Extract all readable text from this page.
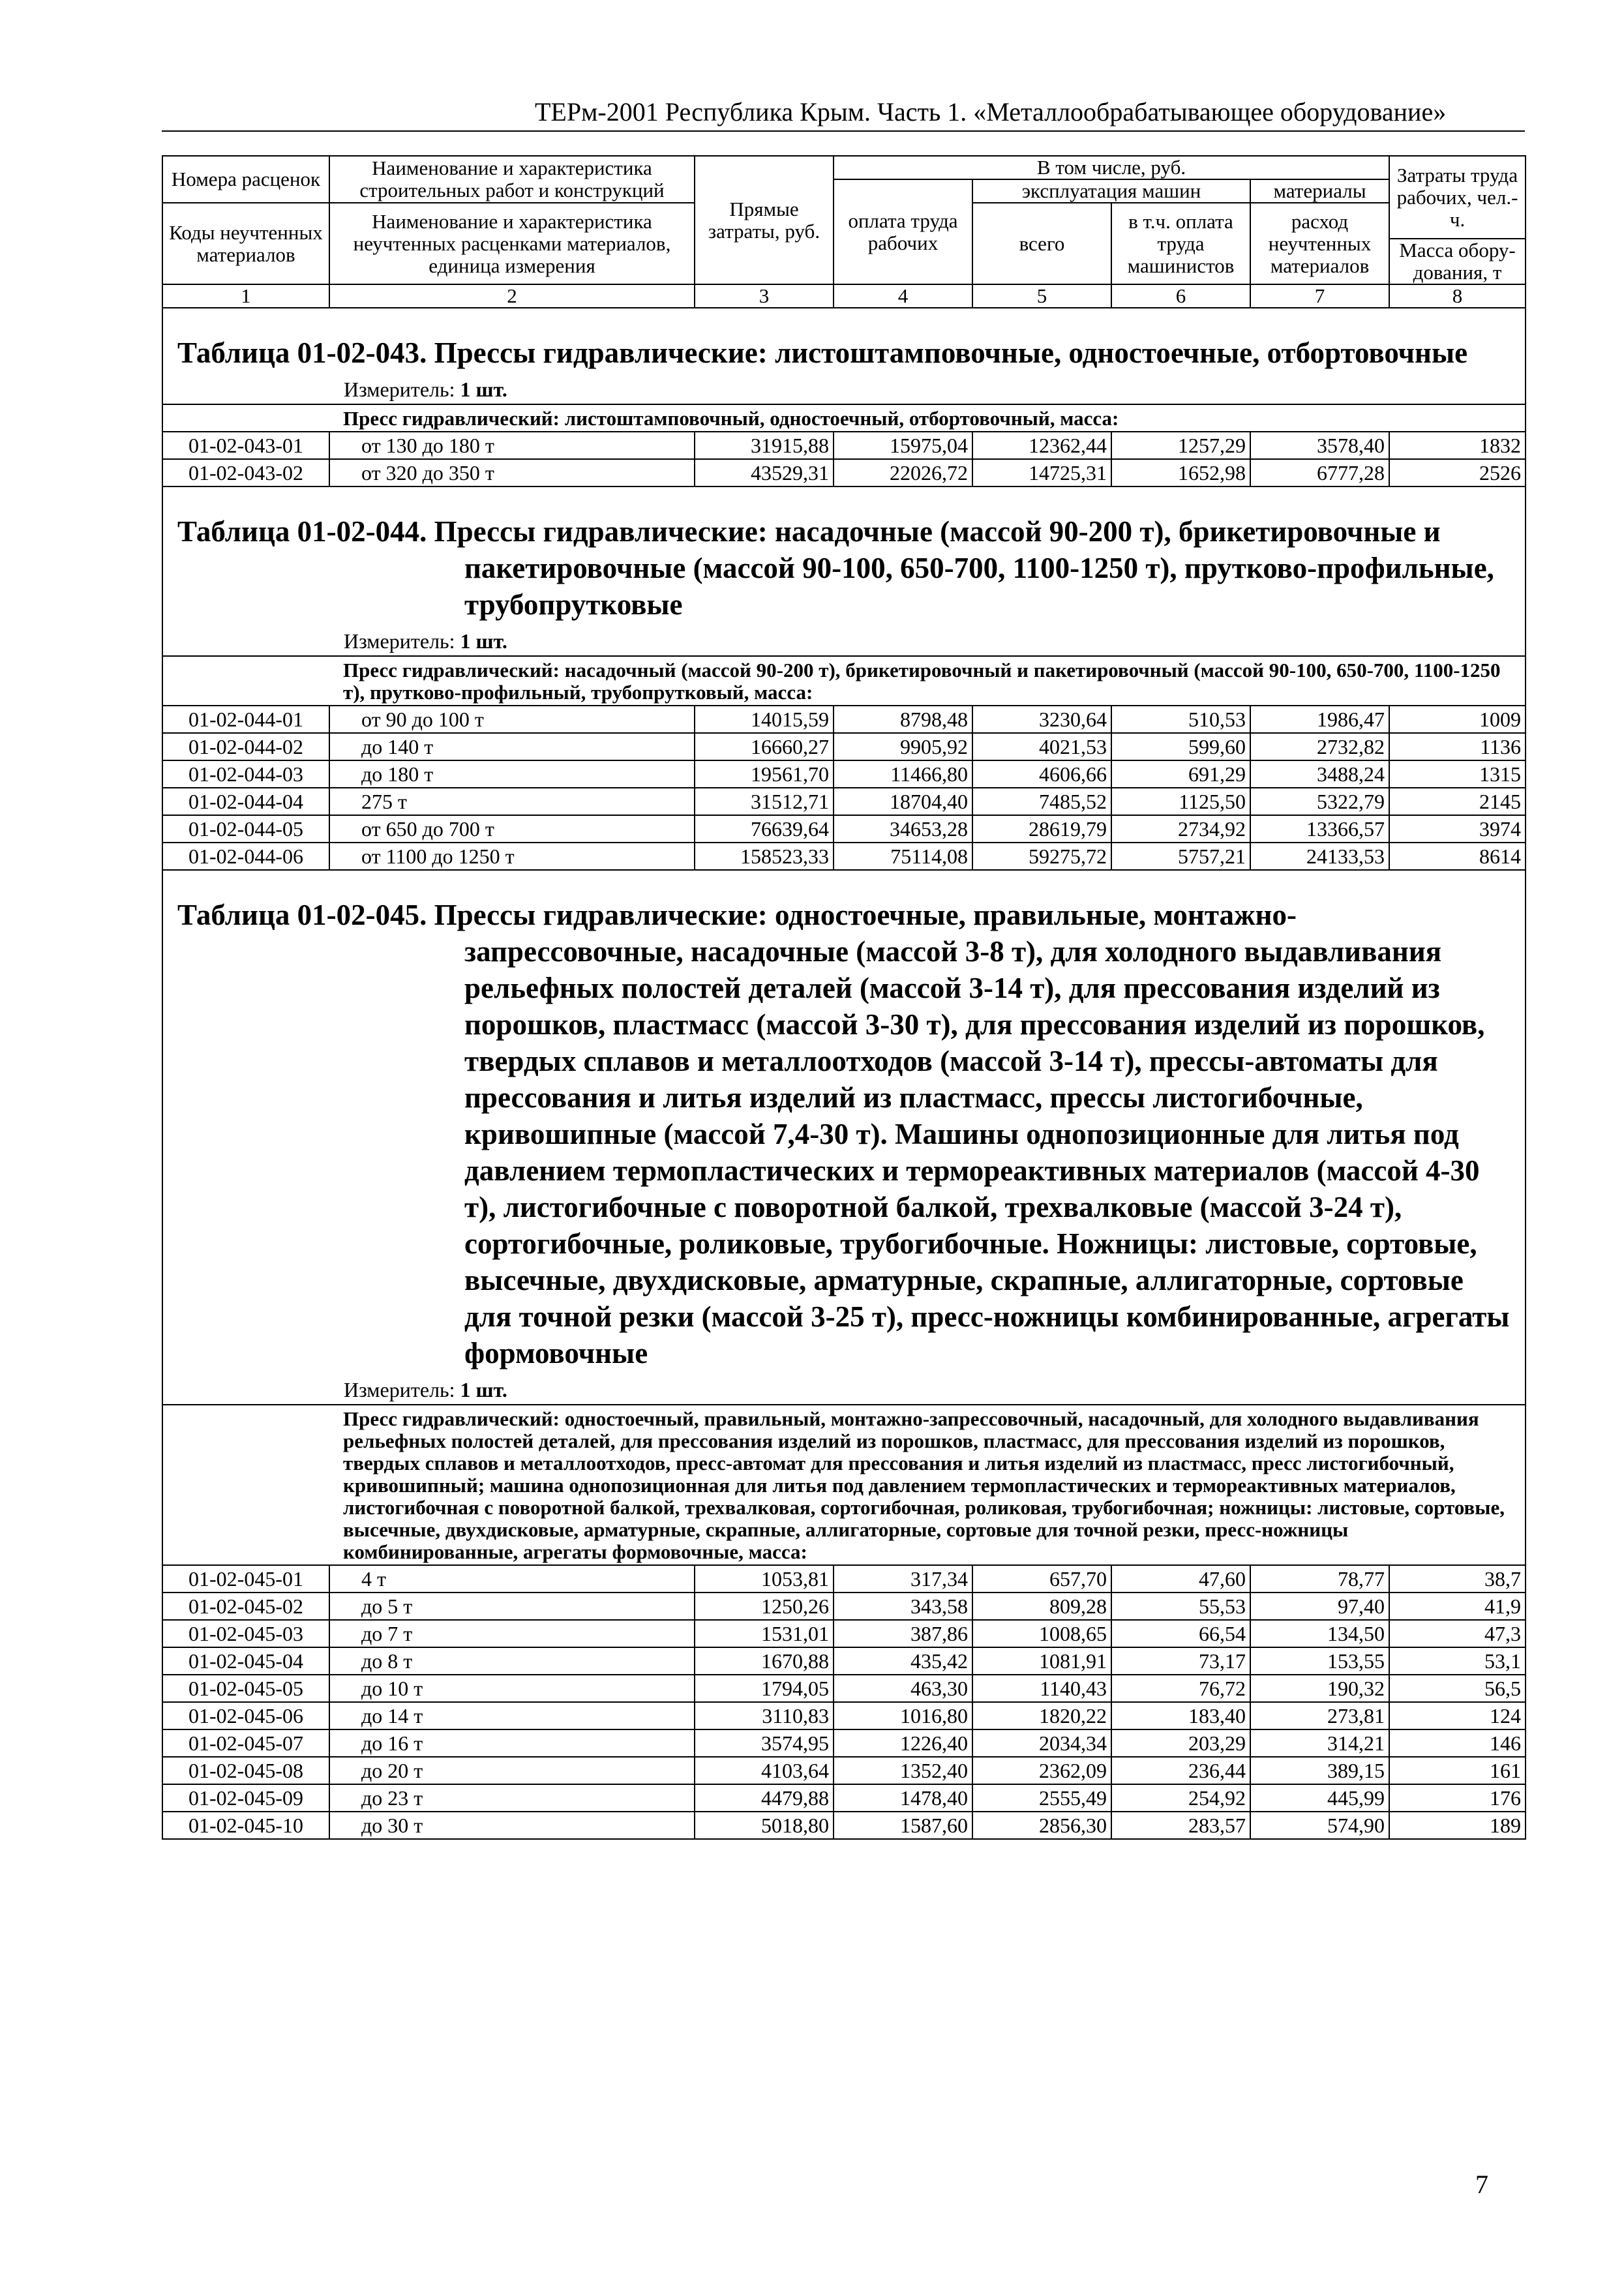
ТЕРм-2001 Республика Крым. Часть 1. «Металлообрабатывающее оборудование»
Номера расценок	Наименование и характеристика строительных работ и конструкций	Прямые затраты, руб.	В том числе, руб.				Затраты труда рабочих, чел.-ч.
			оплата труда рабочих	эксплуатация машин		материалы	
Коды неучтенных материалов	Наименование и характеристика неучтенных расценками материалов, единица измерения			всего	в т.ч. оплата труда машинистов	расход неучтенных материалов	
							Масса обору-дования, т
1	2	3	4	5	6	7	8

Таблица 01-02-043. Прессы гидравлические: листоштамповочные, одностоечные, отбортовочные							

Измеритель: 1 шт.							
Пресс гидравлический: листоштамповочный, одностоечный, отбортовочный, масса:							
01-02-043-01	от 130 до 180 т	31915,88	15975,04	12362,44	1257,29	3578,40	1832
01-02-043-02	от 320 до 350 т	43529,31	22026,72	14725,31	1652,98	6777,28	2526

Таблица 01-02-044. Прессы гидравлические: насадочные (массой 90-200 т), брикетировочные и пакетировочные (массой 90-100, 650-700, 1100-1250 т), прутково-профильные, трубопрутковые							

Измеритель: 1 шт.							
Пресс гидравлический: насадочный (массой 90-200 т), брикетировочный и пакетировочный (массой 90-100, 650-700, 1100-1250 т), прутково-профильный, трубопрутковый, масса:							
01-02-044-01	от 90 до 100 т	14015,59	8798,48	3230,64	510,53	1986,47	1009
01-02-044-02	до 140 т	16660,27	9905,92	4021,53	599,60	2732,82	1136
01-02-044-03	до 180 т	19561,70	11466,80	4606,66	691,29	3488,24	1315
01-02-044-04	275 т	31512,71	18704,40	7485,52	1125,50	5322,79	2145
01-02-044-05	от 650 до 700 т	76639,64	34653,28	28619,79	2734,92	13366,57	3974
01-02-044-06	от 1100 до 1250 т	158523,33	75114,08	59275,72	5757,21	24133,53	8614

Таблица 01-02-045. Прессы гидравлические: одностоечные, правильные, монтажно-запрессовочные, насадочные (массой 3-8 т), для холодного выдавливания рельефных полостей деталей (массой 3-14 т), для прессования изделий из порошков, пластмасс (массой 3-30 т), для прессования изделий из порошков, твердых сплавов и металлоотходов (массой 3-14 т), прессы-автоматы для прессования и литья изделий из пластмасс, прессы листогибочные, кривошипные (массой 7,4-30 т). Машины однопозиционные для литья под давлением термопластических и термореактивных материалов (массой 4-30 т), листогибочные с поворотной балкой, трехвалковые (массой 3-24 т), сортогибочные, роликовые, трубогибочные. Ножницы: листовые, сортовые, высечные, двухдисковые, арматурные, скрапные, аллигаторные, сортовые для точной резки (массой 3-25 т), пресс-ножницы комбинированные, агрегаты формовочные							

Измеритель: 1 шт.							
Пресс гидравлический: одностоечный, правильный, монтажно-запрессовочный, насадочный, для холодного выдавливания рельефных полостей деталей, для прессования изделий из порошков, пластмасс, для прессования изделий из порошков, твердых сплавов и металлоотходов, пресс-автомат для прессования и литья изделий из пластмасс, пресс листогибочный, кривошипный; машина однопозиционная для литья под давлением термопластических и термореактивных материалов, листогибочная с поворотной балкой, трехвалковая, сортогибочная, роликовая, трубогибочная; ножницы: листовые, сортовые, высечные, двухдисковые, арматурные, скрапные, аллигаторные, сортовые для точной резки, пресс-ножницы комбинированные, агрегаты формовочные, масса:							
01-02-045-01	4 т	1053,81	317,34	657,70	47,60	78,77	38,7
01-02-045-02	до 5 т	1250,26	343,58	809,28	55,53	97,40	41,9
01-02-045-03	до 7 т	1531,01	387,86	1008,65	66,54	134,50	47,3
01-02-045-04	до 8 т	1670,88	435,42	1081,91	73,17	153,55	53,1
01-02-045-05	до 10 т	1794,05	463,30	1140,43	76,72	190,32	56,5
01-02-045-06	до 14 т	3110,83	1016,80	1820,22	183,40	273,81	124
01-02-045-07	до 16 т	3574,95	1226,40	2034,34	203,29	314,21	146
01-02-045-08	до 20 т	4103,64	1352,40	2362,09	236,44	389,15	161
01-02-045-09	до 23 т	4479,88	1478,40	2555,49	254,92	445,99	176
01-02-045-10	до 30 т	5018,80	1587,60	2856,30	283,57	574,90	189
7
